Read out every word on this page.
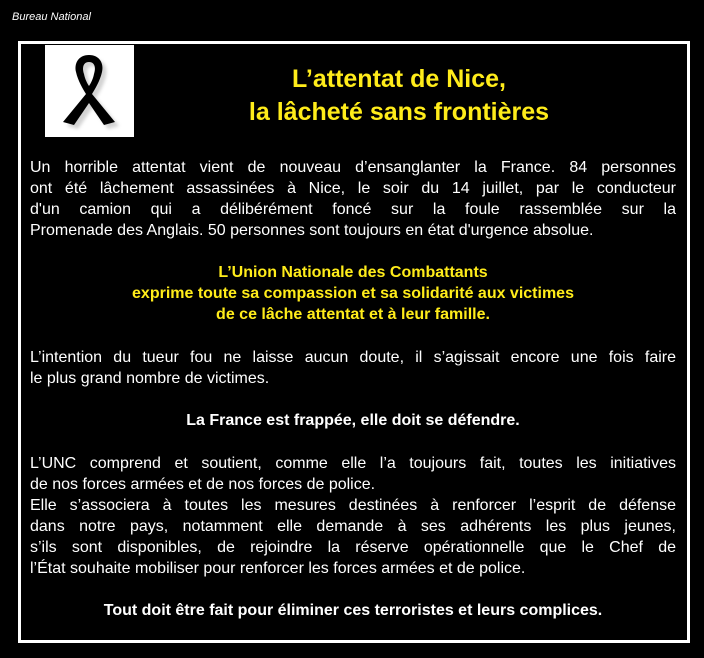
Bureau National
L’attentat de Nice,
la lâcheté sans frontières

Un horrible attentat vient de nouveau d’ensanglanter la France. 84 personnes
ont été lâchement assassinées à Nice, le soir du 14 juillet, par le conducteur
d'un camion qui a délibérément foncé sur la foule rassemblée sur la
Promenade des Anglais. 50 personnes sont toujours en état d'urgence absolue.

L’Union Nationale des Combattants
exprime toute sa compassion et sa solidarité aux victimes
de ce lâche attentat et à leur famille.

L’intention du tueur fou ne laisse aucun doute, il s’agissait encore une fois faire
le plus grand nombre de victimes.

La France est frappée, elle doit se défendre.

L’UNC comprend et soutient, comme elle l’a toujours fait, toutes les initiatives
de nos forces armées et de nos forces de police.
Elle s’associera à toutes les mesures destinées à renforcer l’esprit de défense
dans notre pays, notamment elle demande à ses adhérents les plus jeunes,
s’ils sont disponibles, de rejoindre la réserve opérationnelle que le Chef de
l’État souhaite mobiliser pour renforcer les forces armées et de police.

Tout doit être fait pour éliminer ces terroristes et leurs complices.
